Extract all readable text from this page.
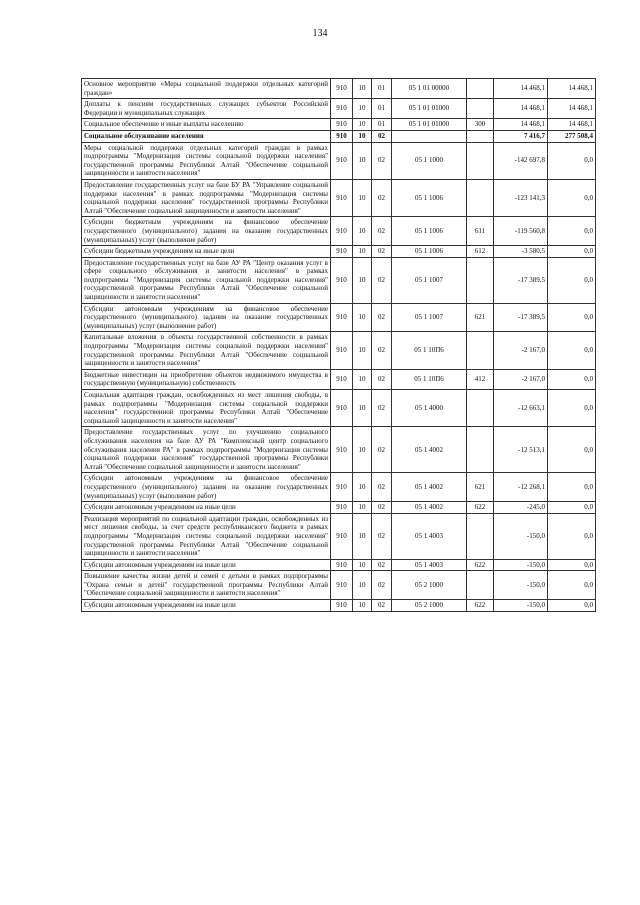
134
Основное мероприятие «Меры социальной поддержки отдельных категорий граждан»	910	10	01	05 1 01 00000		14 468,1	14 468,1
Доплаты к пенсиям государственных служащих субъектов Российской Федерации и муниципальных служащих	910	10	01	05 1 01 01000		14 468,1	14 468,1
Социальное обеспечение и иные выплаты населению	910	10	01	05 1 01 01000	300	14 468,1	14 468,1
Социальное обслуживание населения	910	10	02			7 416,7	277 508,4
Меры социальной поддержки отдельных категорий граждан в рамках подпрограммы "Модернизация системы социальной поддержки населения" государственной программы Республики Алтай "Обеспечение социальной защищенности и занятости населения"	910	10	02	05 1 1000		-142 697,8	0,0
Предоставление государственных услуг на базе БУ РА "Управление социальной поддержки населения" в рамках подпрограммы "Модернизация системы социальной поддержки населения" государственной программы Республики Алтай "Обеспечение социальной защищенности и занятости населения"	910	10	02	05 1 1006		-123 141,3	0,0
Субсидии бюджетным учреждениям на финансовое обеспечение государственного (муниципального) задания на оказание государственных (муниципальных) услуг (выполнение работ)	910	10	02	05 1 1006	611	-119 560,8	0,0
Субсидии бюджетным учреждениям на иные цели	910	10	02	05 1 1006	612	-3 580,5	0,0
Предоставление государственных услуг на базе АУ РА "Центр оказания услуг в сфере социального обслуживания и занятости населения" в рамках подпрограммы "Модернизация системы социальной поддержки населения" государственной программы Республики Алтай "Обеспечение социальной защищенности и занятости населения"	910	10	02	05 1 1007		-17 389,5	0,0
Субсидии автономным учреждениям на финансовое обеспечение государственного (муниципального) задания на оказание государственных (муниципальных) услуг (выполнение работ)	910	10	02	05 1 1007	621	-17 389,5	0,0
Капитальные вложения в объекты государственной собственности в рамках подпрограммы "Модернизация системы социальной поддержки населения" государственной программы Республики Алтай "Обеспечение социальной защищенности и занятости населения"	910	10	02	05 1 10П6		-2 167,0	0,0
Бюджетные инвестиции на приобретение объектов недвижимого имущества в государственную (муниципальную) собственность	910	10	02	05 1 10П6	412	-2 167,0	0,0
Социальная адаптация граждан, освобожденных из мест лишения свободы, в рамках подпрограммы "Модернизация системы социальной поддержки населения" государственной программы Республики Алтай "Обеспечение социальной защищенности и занятости населения"	910	10	02	05 1 4000		-12 663,1	0,0
Предоставление государственных услуг по улучшению социального обслуживания населения на базе АУ РА "Комплексный центр социального обслуживания населения РА" в рамках подпрограммы "Модернизация системы социальной поддержки населения" государственной программы Республики Алтай "Обеспечение социальной защищенности и занятости населения"	910	10	02	05 1 4002		-12 513,1	0,0
Субсидии автономным учреждениям на финансовое обеспечение государственного (муниципального) задания на оказание государственных (муниципальных) услуг (выполнение работ)	910	10	02	05 1 4002	621	-12 268,1	0,0
Субсидии автономным учреждениям на иные цели	910	10	02	05 1 4002	622	-245,0	0,0
Реализация мероприятий по социальной адаптации граждан, освобожденных из мест лишения свободы, за счет средств республиканского бюджета в рамках подпрограммы "Модернизация системы социальной поддержки населения" государственной программы Республики Алтай "Обеспечение социальной защищенности и занятости населения"	910	10	02	05 1 4003		-150,0	0,0
Субсидии автономным учреждениям на иные цели	910	10	02	05 1 4003	622	-150,0	0,0
Повышение качества жизни детей и семей с детьми в рамках подпрограммы "Охрана семьи и детей" государственной программы Республики Алтай "Обеспечение социальной защищенности и занятости населения"	910	10	02	05 2 1000		-150,0	0,0
Субсидии автономным учреждениям на иные цели	910	10	02	05 2 1000	622	-150,0	0,0
